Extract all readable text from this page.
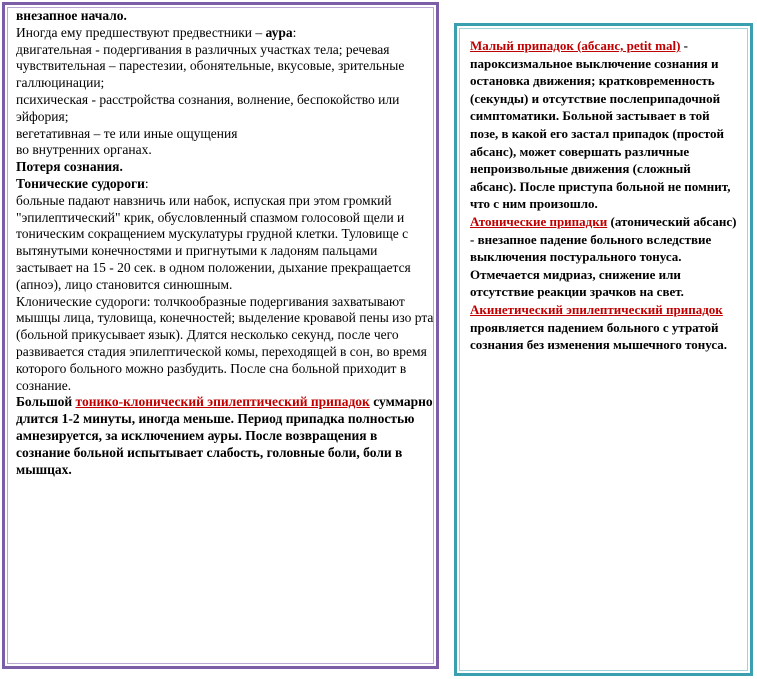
внезапное начало.
Иногда ему предшествуют предвестники – аура:
двигательная - подергивания в различных участках тела; речевая
чувствительная – парестезии, обонятельные, вкусовые, зрительные галлюцинации;
психическая - расстройства сознания, волнение, беспокойство или эйфория;
вегетативная – те или иные ощущения
во внутренних органах.
Потеря сознания.
Тонические судороги:
больные падают навзничь или набок, испуская при этом громкий "эпилептический" крик, обусловленный спазмом голосовой щели и тоническим сокращением мускулатуры грудной клетки. Туловище с вытянутыми конечностями и пригнутыми к ладоням пальцами застывает на 15 - 20 сек. в одном положении, дыхание прекращается (апноэ), лицо становится синюшным.
Клонические судороги: толчкообразные подергивания захватывают мышцы лица, туловища, конечностей; выделение кровавой пены изо рта (больной прикусывает язык). Длятся несколько секунд, после чего развивается стадия эпилептической комы, переходящей в сон, во время которого больного можно разбудить. После сна больной приходит в сознание.
Большой тонико-клонический эпилептический припадок суммарно длится 1-2 минуты, иногда меньше. Период припадка полностью амнезируется, за исключением ауры. После возвращения в сознание больной испытывает слабость, головные боли, боли в мышцах.
Малый припадок (абсанс, petit mal) - пароксизмальное выключение сознания и остановка движения; кратковременность (секунды) и отсутствие послеприпадочной симптоматики. Больной застывает в той позе, в какой его застал припадок (простой абсанс), может совершать различные непроизвольные движения (сложный абсанс). После приступа больной не помнит, что с ним произошло.
Атонические припадки (атонический абсанс) - внезапное падение больного вследствие выключения постурального тонуса. Отмечается мидриаз, снижение или отсутствие реакции зрачков на свет.
Акинетический эпилептический припадок проявляется падением больного с утратой сознания без изменения мышечного тонуса.
